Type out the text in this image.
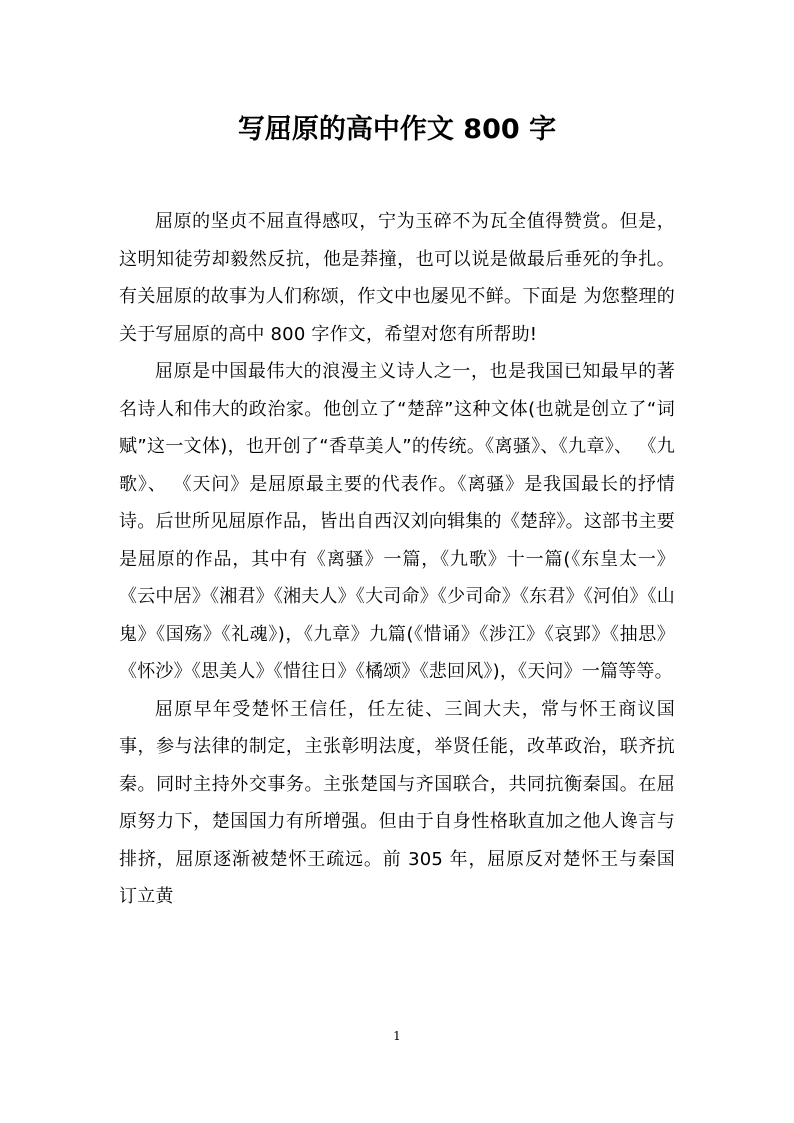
写屈原的高中作文 800 字

屈原的坚贞不屈直得感叹，宁为玉碎不为瓦全值得赞赏。但是，这明知徒劳却毅然反抗，他是莽撞，也可以说是做最后垂死的争扎。有关屈原的故事为人们称颂，作文中也屡见不鲜。下面是 为您整理的关于写屈原的高中 800 字作文，希望对您有所帮助!

屈原是中国最伟大的浪漫主义诗人之一，也是我国已知最早的著名诗人和伟大的政治家。他创立了“楚辞”这种文体(也就是创立了“词赋”这一文体)，也开创了“香草美人”的传统。《离骚》、《九章》、 《九歌》、 《天问》是屈原最主要的代表作。《离骚》是我国最长的抒情诗。后世所见屈原作品，皆出自西汉刘向辑集的《楚辞》。这部书主要是屈原的作品，其中有《离骚》一篇，《九歌》十一篇(《东皇太一》《云中居》《湘君》《湘夫人》《大司命》《少司命》《东君》《河伯》《山鬼》《国殇》《礼魂》)，《九章》九篇(《惜诵》《涉江》《哀郢》《抽思》《怀沙》《思美人》《惜往日》《橘颂》《悲回风》)，《天问》一篇等等。

屈原早年受楚怀王信任，任左徒、三闾大夫，常与怀王商议国事，参与法律的制定，主张彰明法度，举贤任能，改革政治，联齐抗秦。同时主持外交事务。主张楚国与齐国联合，共同抗衡秦国。在屈原努力下，楚国国力有所增强。但由于自身性格耿直加之他人谗言与排挤，屈原逐渐被楚怀王疏远。前 305 年，屈原反对楚怀王与秦国订立黄

1
